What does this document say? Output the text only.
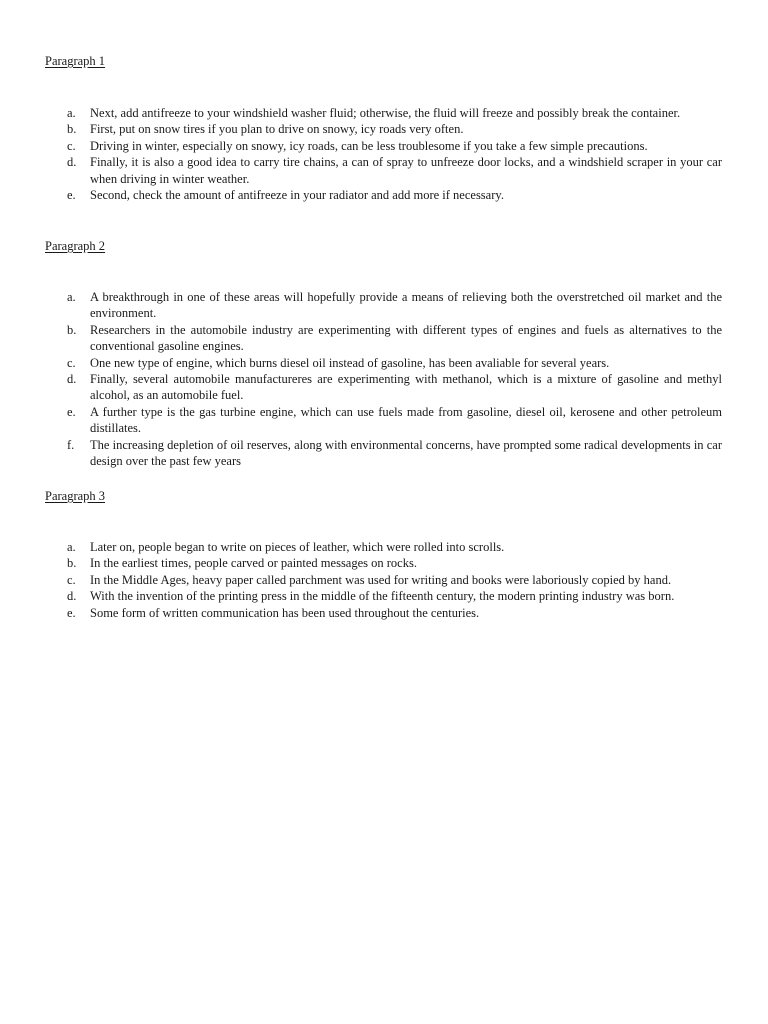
Paragraph 1
a.	Next, add antifreeze to your windshield washer fluid; otherwise, the fluid will freeze and possibly break the container.
b.	First, put on snow tires if you plan to drive on snowy, icy roads very often.
c.	Driving in winter, especially on snowy, icy roads, can be less troublesome if you take a few simple precautions.
d.	Finally, it is also a good idea to carry tire chains, a can of spray to unfreeze door locks, and a windshield scraper in your car when driving in winter weather.
e.	Second, check the amount of antifreeze in your radiator and add more if necessary.
Paragraph 2
a.	A breakthrough in one of these areas will hopefully provide a means of relieving both the overstretched oil market and the environment.
b.	Researchers in the automobile industry are experimenting with different types of engines and fuels as alternatives to the conventional gasoline engines.
c.	One new type of engine, which burns diesel oil instead of gasoline, has been avaliable for several years.
d.	Finally, several automobile manufactureres are experimenting with methanol, which is a mixture of gasoline and methyl alcohol, as an automobile fuel.
e.	A further type is the gas turbine engine, which can use fuels made from gasoline, diesel oil, kerosene and other petroleum distillates.
f.	The increasing depletion of oil reserves, along with environmental concerns, have prompted some radical developments in car design over the past few years
Paragraph 3
a.	Later on, people began to write on pieces of leather, which were rolled into scrolls.
b.	In the earliest times, people carved or painted messages on rocks.
c.	In the Middle Ages, heavy paper called parchment was used for writing and books were laboriously copied by hand.
d.	With the invention of the printing press in the middle of the fifteenth century, the modern printing industry was born.
e.	Some form of written communication has been used throughout the centuries.
